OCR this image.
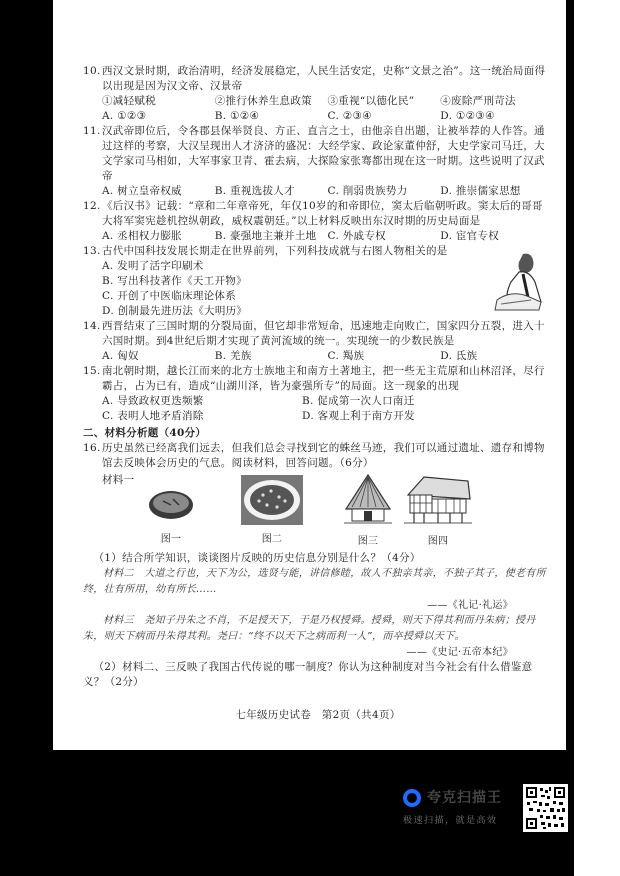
10. 西汉文景时期，政治清明，经济发展稳定，人民生活安定，史称“文景之治”。这一统治局面得以出现是因为汉文帝、汉景帝
①减轻赋税	②推行休养生息政策	③重视“以德化民”	④废除严刑苛法
A. ①②③	B. ①②④	C. ②③④	D. ①②③④
11. 汉武帝即位后，令各郡县保举贤良、方正、直言之士，由他亲自出题，让被举荐的人作答。通过这样的考察，大汉呈现出人才济济的盛况：大经学家、政论家董仲舒，大史学家司马迁，大文学家司马相如，大军事家卫青、霍去病，大探险家张骞都出现在这一时期。这些说明了汉武帝
A. 树立皇帝权威	B. 重视选拔人才	C. 削弱贵族势力	D. 推崇儒家思想
12. 《后汉书》记载：“章和二年章帝死，年仅10岁的和帝即位，窦太后临朝听政。窦太后的哥哥大将军窦宪趁机控纵朝政，威权震朝廷。”以上材料反映出东汉时期的历史局面是
A. 丞相权力膨胀	B. 豪强地主兼并土地	C. 外戚专权	D. 宦官专权
13. 古代中国科技发展长期走在世界前列，下列科技成就与右图人物相关的是
A. 发明了活字印刷术
B. 写出科技著作《天工开物》
C. 开创了中医临床理论体系
D. 创制最先进历法《大明历》
14. 西晋结束了三国时期的分裂局面，但它却非常短命，迅速地走向败亡，国家四分五裂，进入十六国时期。到4世纪后期才实现了黄河流域的统一。实现统一的少数民族是
A. 匈奴	B. 羌族	C. 羯族	D. 氐族
15. 南北朝时期，越长江而来的北方士族地主和南方土著地主，把一些无主荒原和山林沼泽，尽行霸占，占为已有，造成“山湖川泽，皆为豪强所专”的局面。这一现象的出现
A. 导致政权更迭频繁	B. 促成第一次人口南迁
C. 表明人地矛盾消除	D. 客观上利于南方开发
二、材料分析题（40分）
16. 历史虽然已经离我们远去，但我们总会寻找到它的蛛丝马迹，我们可以通过遗址、遗存和博物馆去反映体会历史的气息。阅读材料，回答问题。（6分）
材料一
图一	图二	图三	图四
（1）结合所学知识，谈谈图片反映的历史信息分别是什么？（4分）
材料二　大道之行也，天下为公，选贤与能，讲信修睦，故人不独亲其亲，不独子其子，使老有所终，壮有所用，幼有所长……
——《礼记·礼运》
材料三　尧知子丹朱之不肖，不足授天下，于是乃权授舜。授舜，则天下得其利而丹朱病；授丹朱，则天下病而丹朱得其利。尧曰：“终不以天下之病而利一人”，而卒授舜以天下。
——《史记·五帝本纪》
（2）材料二、三反映了我国古代传说的哪一制度？你认为这种制度对当今社会有什么借鉴意义？（2分）
七年级历史试卷　第2页（共4页）
夸克扫描王
极速扫描，就是高效
